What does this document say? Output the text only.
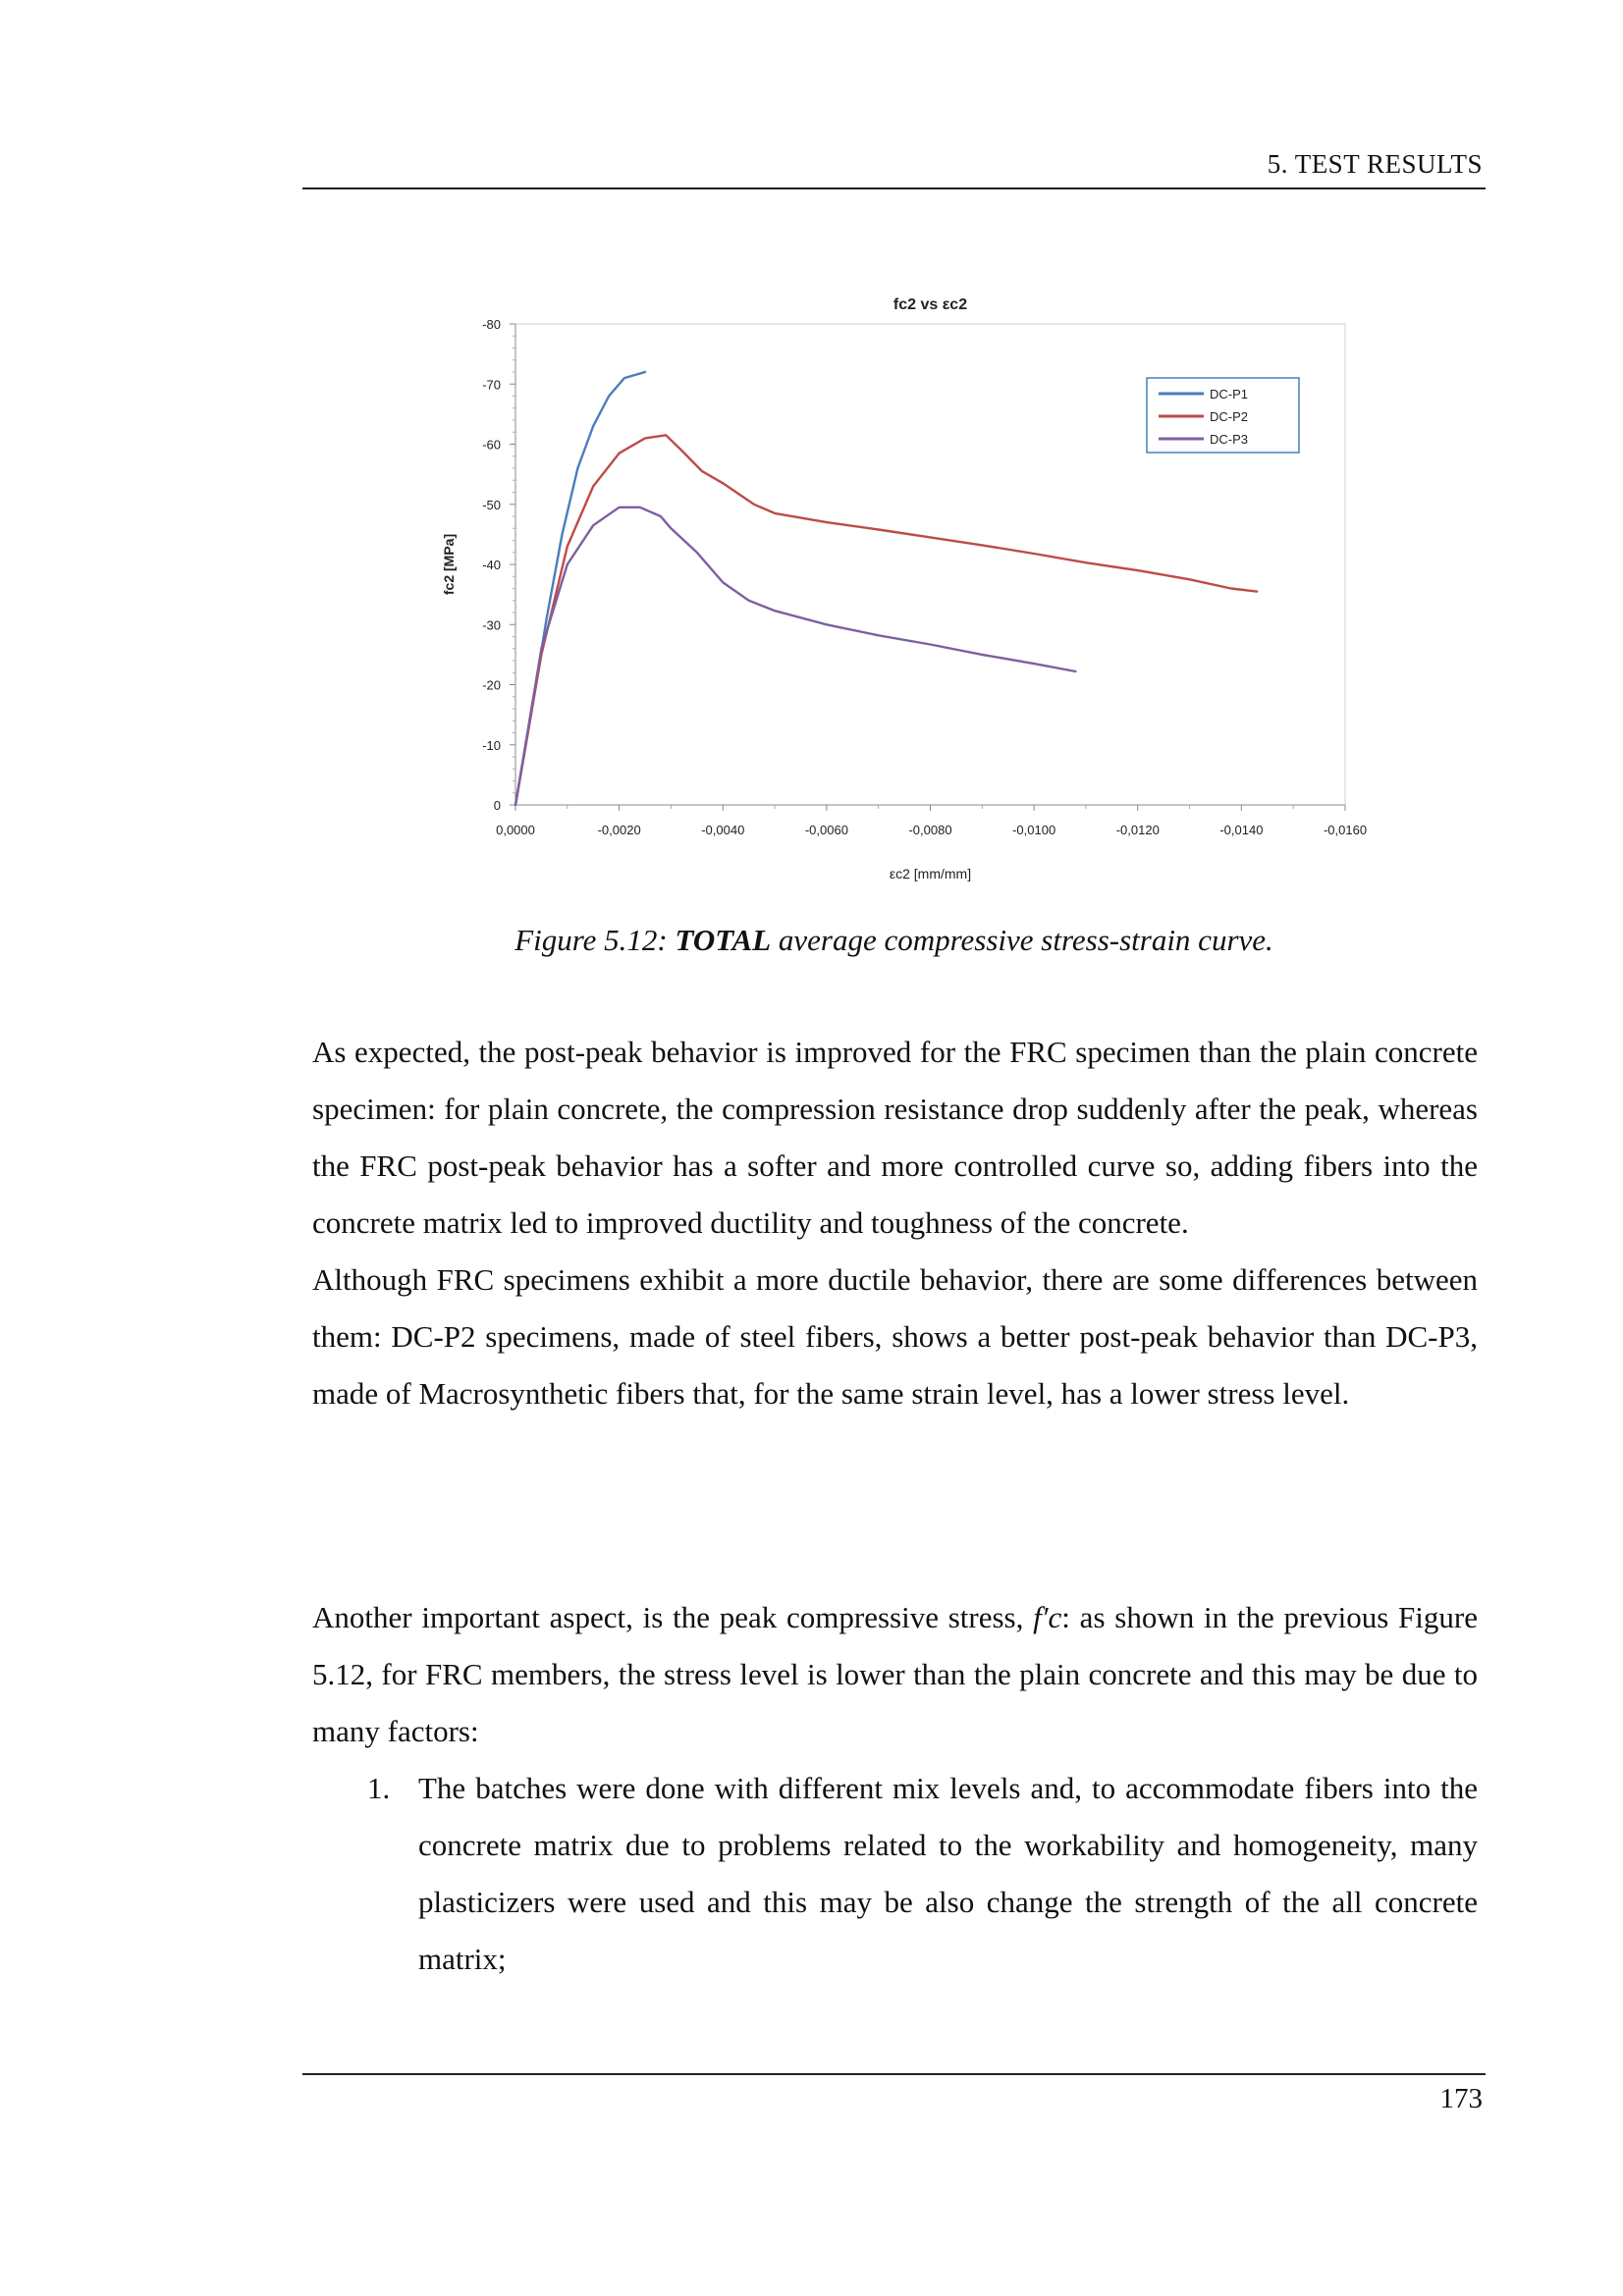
5. TEST RESULTS
0,0000	-0,0020	-0,0040	-0,0060	-0,0080	-0,0100	-0,0120	-0,0140	-0,0160
0
-10
-20
-30
-40
-50
-60
-70
-80
fc2 vs εc2
εc2 [mm/mm]
fc2 [MPa]
DC-P1
DC-P2
DC-P3
Figure 5.12: TOTAL average compressive stress-strain curve.

As expected, the post-peak behavior is improved for the FRC specimen than the plain concrete specimen: for plain concrete, the compression resistance drop suddenly after the peak, whereas the FRC post-peak behavior has a softer and more controlled curve so, adding fibers into the concrete matrix led to improved ductility and toughness of the concrete.

Although FRC specimens exhibit a more ductile behavior, there are some differences between them: DC-P2 specimens, made of steel fibers, shows a better post-peak behavior than DC-P3, made of Macrosynthetic fibers that, for the same strain level, has a lower stress level.

Another important aspect, is the peak compressive stress, f′c: as shown in the previous Figure 5.12, for FRC members, the stress level is lower than the plain concrete and this may be due to many factors:

1. The batches were done with different mix levels and, to accommodate fibers into the concrete matrix due to problems related to the workability and homogeneity, many plasticizers were used and this may be also change the strength of the all concrete matrix;
173
